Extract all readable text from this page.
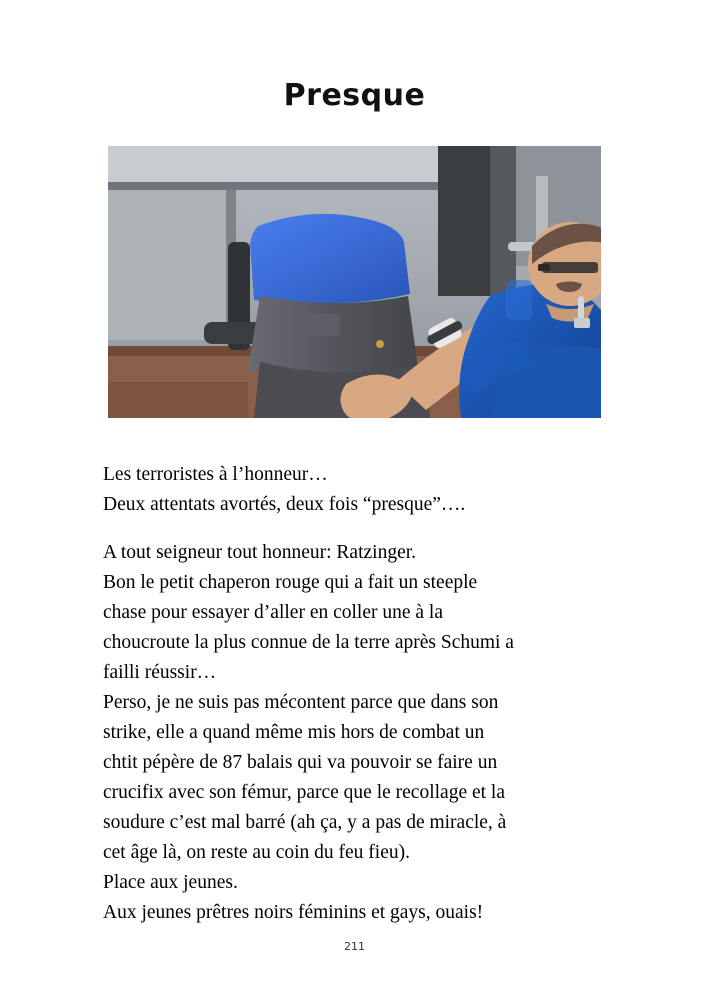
Presque

Les terroristes à l’honneur…
Deux attentats avortés, deux fois “presque”….

A tout seigneur tout honneur: Ratzinger.

Bon le petit chaperon rouge qui a fait un steeple
chase pour essayer d’aller en coller une à la
choucroute la plus connue de la terre après Schumi a
failli réussir…

Perso, je ne suis pas mécontent parce que dans son
strike, elle a quand même mis hors de combat un
chtit pépère de 87 balais qui va pouvoir se faire un
crucifix avec son fémur, parce que le recollage et la
soudure c’est mal barré (ah ça, y a pas de miracle, à
cet âge là, on reste au coin du feu fieu).

Place aux jeunes.

Aux jeunes prêtres noirs féminins et gays, ouais!

211
